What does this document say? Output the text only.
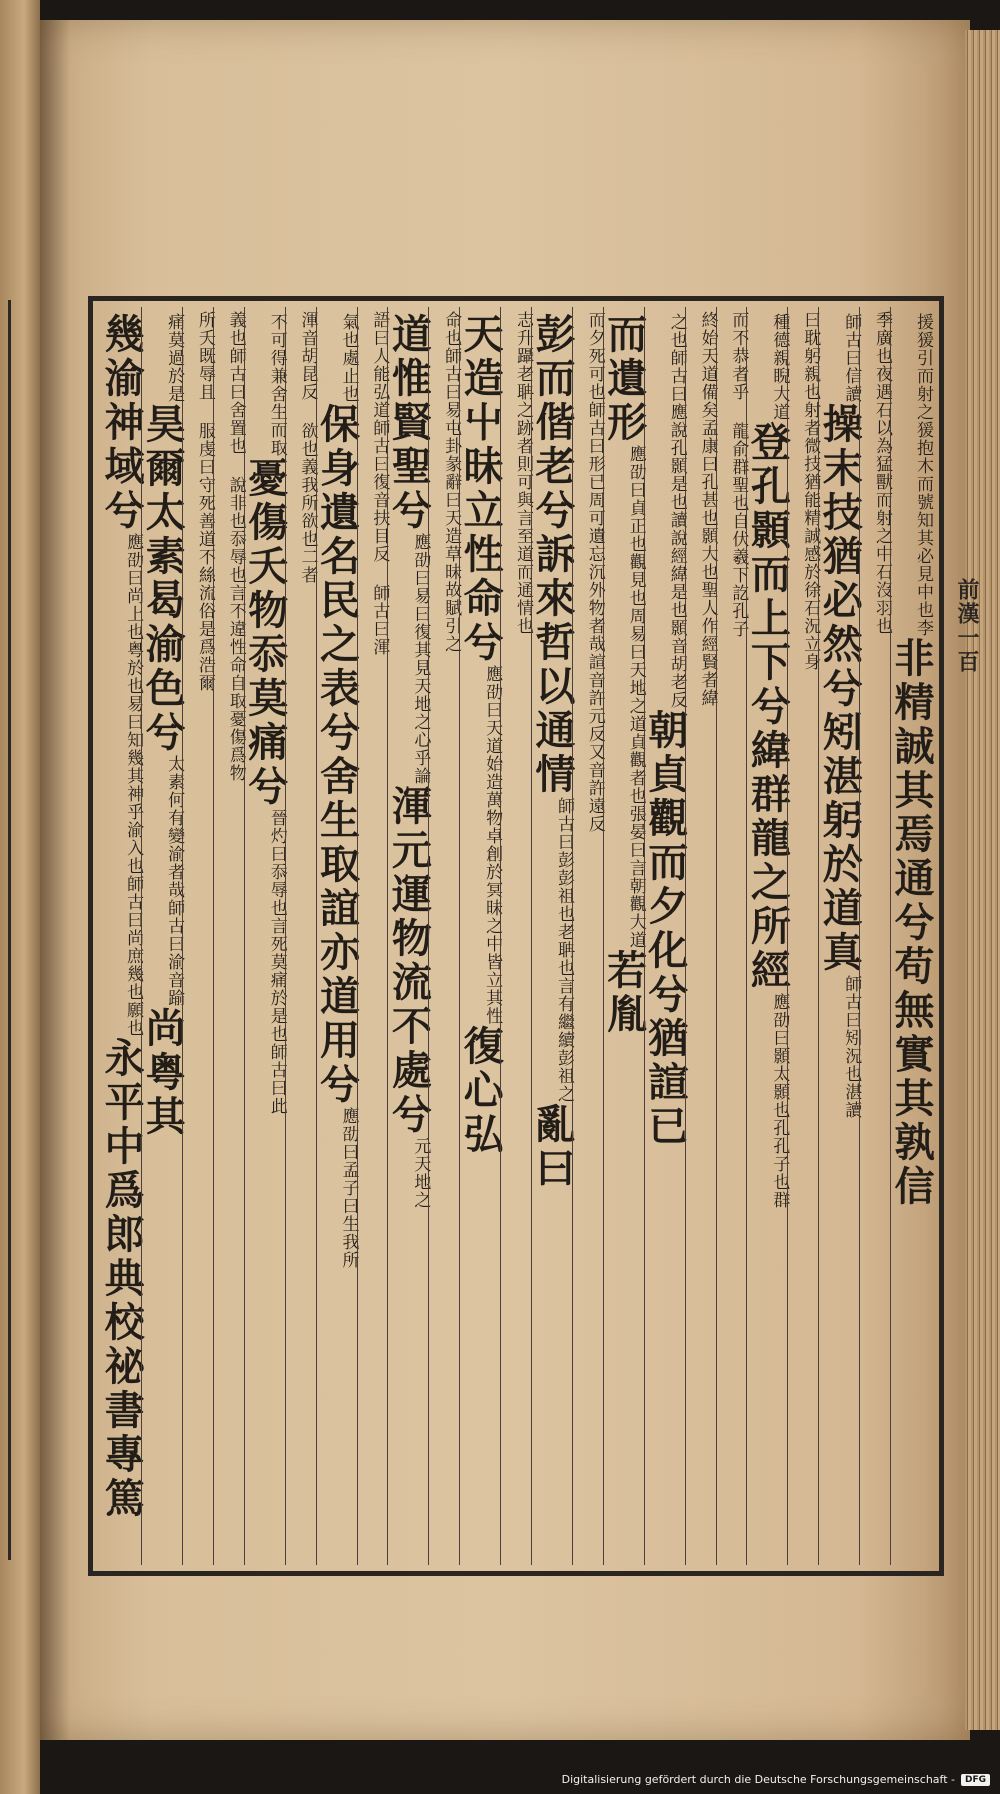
援猨引而射之猨抱木而號知其必見中也李
非精誠其焉通兮苟無實其孰信
季廣也夜遇石以為猛獸而射之中石沒羽也
師古曰信讀
操末技猶必然兮矧湛躬於道真
師古曰矧況也湛讀
曰耽躬親也射者微技猶能精誠感於徐石況立身
種德親睨大道
登孔顥而上下兮緯群龍之所經
應劭曰顥太顥也孔孔子也群
而不恭者乎 龍俞群聖也自伏羲下訖孔子
終始天道備矣孟康曰孔甚也顥大也聖人作經賢者緯
之也師古曰應說孔顥是也讀說經緯是也顥音胡老反
朝貞觀而夕化兮猶諠已
而遺形
應劭曰貞正也觀見也周易曰天地之道貞觀者也張晏曰言朝觀大道
若胤
而夕死可也師古曰形已周可遺忘沉外物者哉諠音許元反又音許遠反
彭而偕老兮訴來哲以通情
師古曰彭彭祖也老聃也言有繼續彭祖之
亂曰
志升躡老聃之跡者則可與言至道而通情也
天造屮昧立性命兮
應劭曰天道始造萬物卓創於冥昧之中皆立其性
復心弘
命也師古曰易屯卦彖辭曰天造草昧故賦引之
道惟賢聖兮
應劭曰易曰復其見天地之心乎論
渾元運物流不處兮
元天地之
語曰人能弘道師古曰復音扶目反 師古曰渾
氣也處止也
保身遺名民之表兮舍生取誼亦道用兮
應劭曰孟子曰生我所
渾音胡昆反 欲也義我所欲也二者
不可得兼舍生而取
憂傷夭物忝莫痛兮
晉灼曰忝辱也言死莫痛於是也師古曰此
義也師古曰舍置也 說非也忝辱也言不違性命自取憂傷爲物
所夭既辱且 服虔曰守死善道不絲流俗是爲浩爾
痛莫過於是
昊爾太素曷渝色兮
太素何有變渝者哉師古曰渝音踰
尚粤其
幾渝神域兮
應劭曰尚上也粤於也易曰知幾其神乎渝入也師古曰尚庶幾也願也
永平中爲郎典校祕書專篤
前漢一百
Digitalisierung gefördert durch die Deutsche Forschungsgemeinschaft -	DFG
